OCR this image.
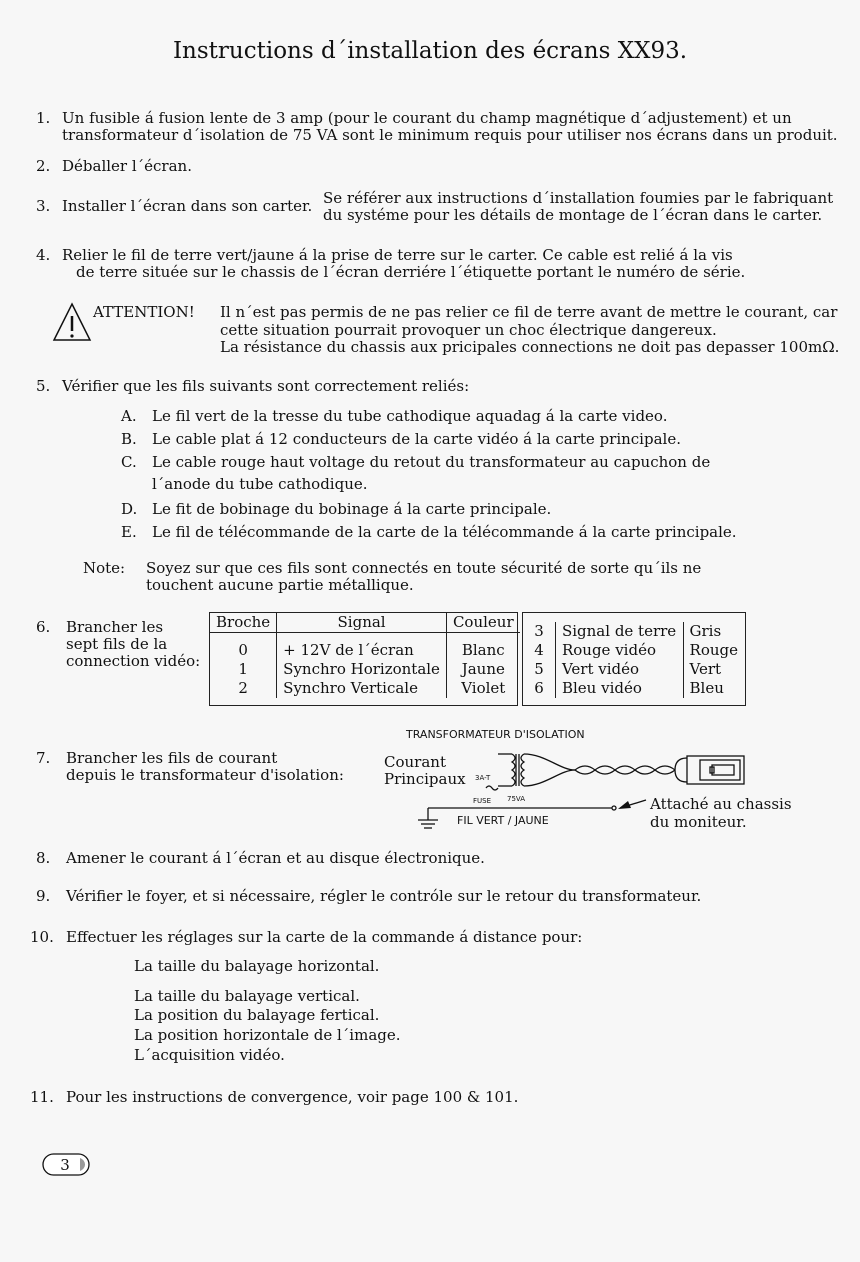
Instructions d´installation des écrans XX93.
1. Un fusible á fusion lente de 3 amp (pour le courant du champ magnétique d´adjustement) et un
transformateur d´isolation de 75 VA sont le minimum requis pour utiliser nos écrans dans un produit.
2. Déballer l´écran.
3. Installer l´écran dans son carter. Se référer aux instructions d´installation foumies par le fabriquant
du systéme pour les détails de montage de l´écran dans le carter.
4. Relier le fil de terre vert/jaune á la prise de terre sur le carter. Ce cable est relié á la vis
de terre située sur le chassis de l´écran derriére l´étiquette portant le numéro de série.
ATTENTION! Il n´est pas permis de ne pas relier ce fil de terre avant de mettre le courant, car
cette situation pourrait provoquer un choc électrique dangereux.
La résistance du chassis aux pricipales connections ne doit pas depasser 100mΩ.
5. Vérifier que les fils suivants sont correctement reliés:
A. Le fil vert de la tresse du tube cathodique aquadag á la carte video.
B. Le cable plat á 12 conducteurs de la carte vidéo á la carte principale.
C. Le cable rouge haut voltage du retout du transformateur au capuchon de
l´anode du tube cathodique.
D. Le fit de bobinage du bobinage á la carte principale.
E. Le fil de télécommande de la carte de la télécommande á la carte principale.
Note: Soyez sur que ces fils sont connectés en toute sécurité de sorte qu´ils ne
touchent aucune partie métallique.
6. Brancher les
sept fils de la
connection vidéo:
Broche	Signal	Couleur
0	+ 12V de l´écran	Blanc
1	Synchro Horizontale	Jaune
2	Synchro Verticale	Violet
3	Signal de terre	Gris
4	Rouge vidéo	Rouge
5	Vert vidéo	Vert
6	Bleu vidéo	Bleu
7. Brancher les fils de courant
depuis le transformateur d'isolation:
TRANSFORMATEUR D'ISOLATION
Courant
Principaux 3A-T
FUSE 75VA
FIL VERT / JAUNE
Attaché au chassis
du moniteur.
8. Amener le courant á l´écran et au disque électronique.
9. Vérifier le foyer, et si nécessaire, régler le contróle sur le retour du transformateur.
10. Effectuer les réglages sur la carte de la commande á distance pour:
La taille du balayage horizontal.
La taille du balayage vertical.
La position du balayage fertical.
La position horizontale de l´image.
L´acquisition vidéo.
11. Pour les instructions de convergence, voir page 100 & 101.
3
